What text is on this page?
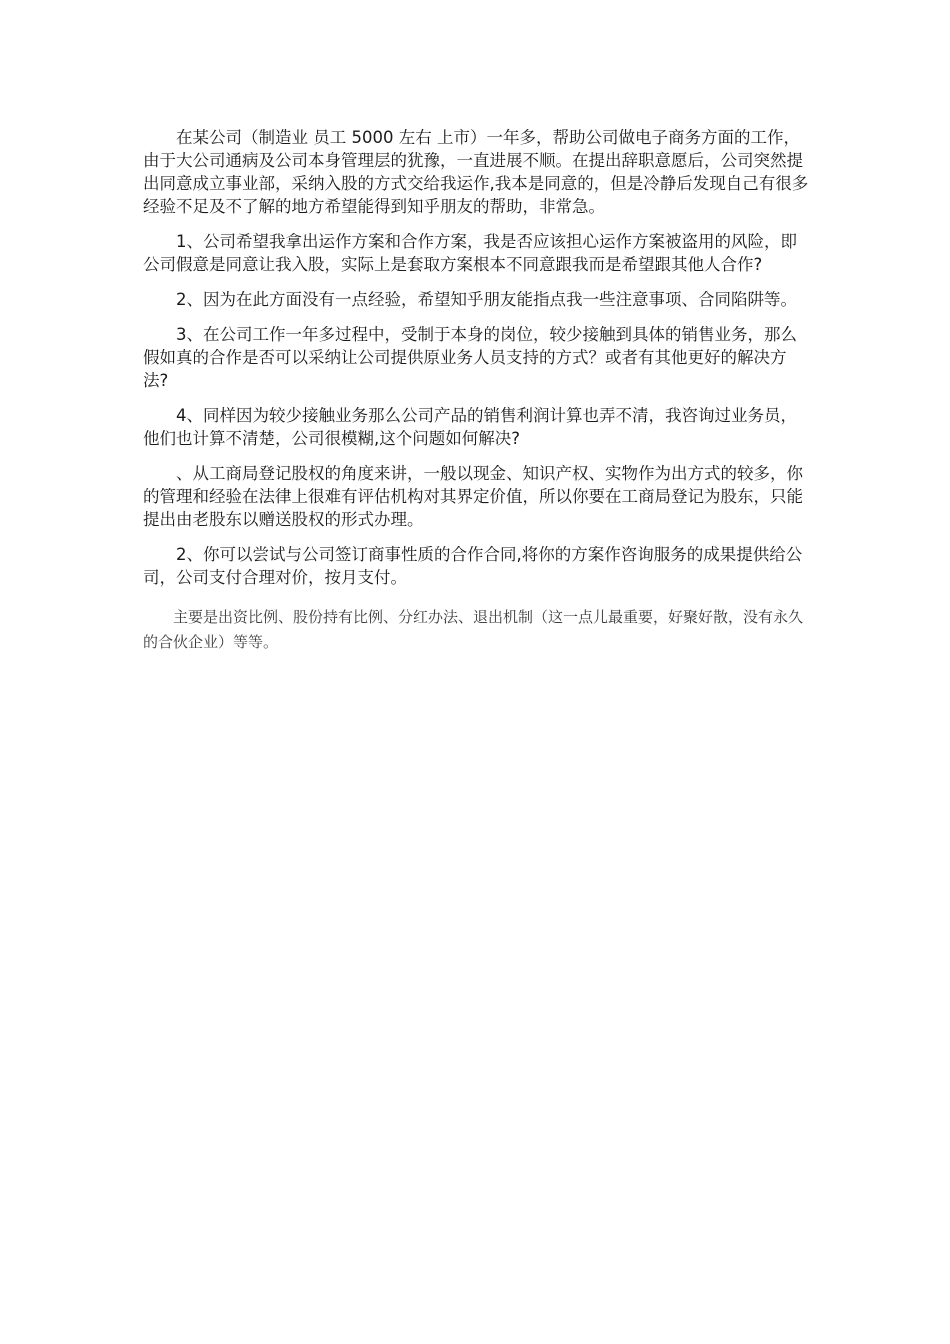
在某公司（制造业 员工 5000 左右 上市）一年多，帮助公司做电子商务方面的工作，由于大公司通病及公司本身管理层的犹豫，一直进展不顺。在提出辞职意愿后，公司突然提出同意成立事业部，采纳入股的方式交给我运作,我本是同意的，但是冷静后发现自己有很多经验不足及不了解的地方希望能得到知乎朋友的帮助，非常急。

1、公司希望我拿出运作方案和合作方案，我是否应该担心运作方案被盗用的风险，即公司假意是同意让我入股，实际上是套取方案根本不同意跟我而是希望跟其他人合作?

2、因为在此方面没有一点经验，希望知乎朋友能指点我一些注意事项、合同陷阱等。

3、在公司工作一年多过程中，受制于本身的岗位，较少接触到具体的销售业务，那么假如真的合作是否可以采纳让公司提供原业务人员支持的方式？或者有其他更好的解决方法?

4、同样因为较少接触业务那么公司产品的销售利润计算也弄不清，我咨询过业务员，他们也计算不清楚，公司很模糊,这个问题如何解决?

、从工商局登记股权的角度来讲，一般以现金、知识产权、实物作为出方式的较多，你的管理和经验在法律上很难有评估机构对其界定价值，所以你要在工商局登记为股东，只能提出由老股东以赠送股权的形式办理。

2、你可以尝试与公司签订商事性质的合作合同,将你的方案作咨询服务的成果提供给公司，公司支付合理对价，按月支付。

主要是出资比例、股份持有比例、分红办法、退出机制（这一点儿最重要，好聚好散，没有永久的合伙企业）等等。
